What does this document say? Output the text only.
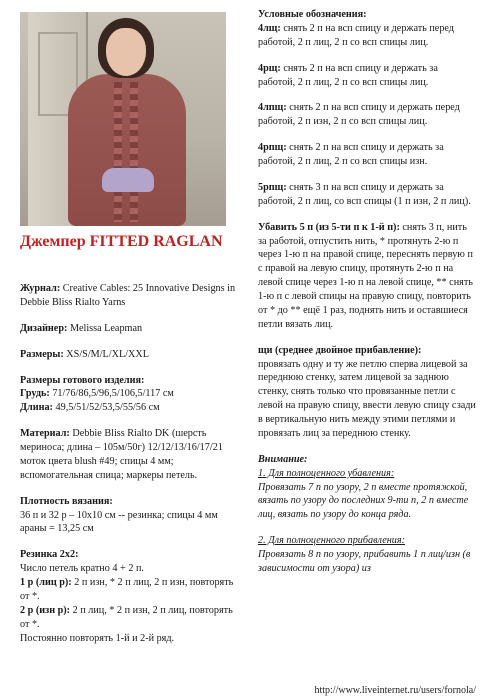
Джемпер FITTED RAGLAN

Журнал: Creative Cables: 25 Innovative Designs in Debbie Bliss Rialto Yarns

Дизайнер: Melissa Leapman

Размеры: XS/S/M/L/XL/XXL

Размеры готового изделия:

Грудь: 71/76/86,5/96,5/106,5/117 см

Длина: 49,5/51/52/53,5/55/56 см

Материал: Debbie Bliss Rialto DK (шерсть мериноса; длина – 105м/50г) 12/12/13/16/17/21 моток цвета blush #49; спицы 4 мм; вспомогательная спица; маркеры петель.

Плотность вязания:

36 п и 32 р – 10х10 см -- резинка; спицы 4 мм

араны = 13,25 см

Резинка 2х2:

Число петель кратно 4 + 2 п.

1 р (лиц р): 2 п изн, * 2 п лиц, 2 п изн, повторять от *.

2 р (изн р): 2 п лиц, * 2 п изн, 2 п лиц, повторять от *.

Постоянно повторять 1-й и 2-й ряд.

Условные обозначения:

4лщ: снять 2 п на всп спицу и держать перед работой, 2 п лиц, 2 п со всп спицы лиц.

4рщ: снять 2 п на всп спицу и держать за работой, 2 п лиц, 2 п со всп спицы лиц.

4лпщ: снять 2 п на всп спицу и держать перед работой, 2 п изн, 2 п со всп спицы лиц.

4рпщ: снять 2 п на всп спицу и держать за работой, 2 п лиц, 2 п со всп спицы изн.

5рпщ: снять 3 п на всп спицу и держать за работой, 2 п лиц, со всп спицы (1 п изн, 2 п лиц).

Убавить 5 п (из 5-ти п к 1-й п): снять 3 п, нить за работой, отпустить нить, * протянуть 2-ю п через 1-ю п на правой спице, переснять первую п с правой на левую спицу, протянуть 2-ю п на левой спице через 1-ю п на левой спице, ** снять 1-ю п с левой спицы на правую спицу, повторить от * до ** ещё 1 раз, поднять нить и оставшиеся петли вязать лиц.

щи (среднее двойное прибавление):

провязать одну и ту же петлю сперва лицевой за переднюю стенку, затем лицевой за заднюю стенку, снять только что провязанные петли с левой на правую спицу, ввести левую спицу сзади в вертикальную нить между этими петлями и провязать лиц за переднюю стенку.

Внимание:

1. Для полноценного убавления:

Провязать 7 п по узору, 2 п вместе протяжкой, вязать по узору до последних 9-ти п, 2 п вместе лиц, вязать по узору до конца ряда.

2. Для полноценного прибавления:

Провязать 8 п по узору, прибавить 1 п лиц/изн (в зависимости от узора) из

http://www.liveinternet.ru/users/fornola/
